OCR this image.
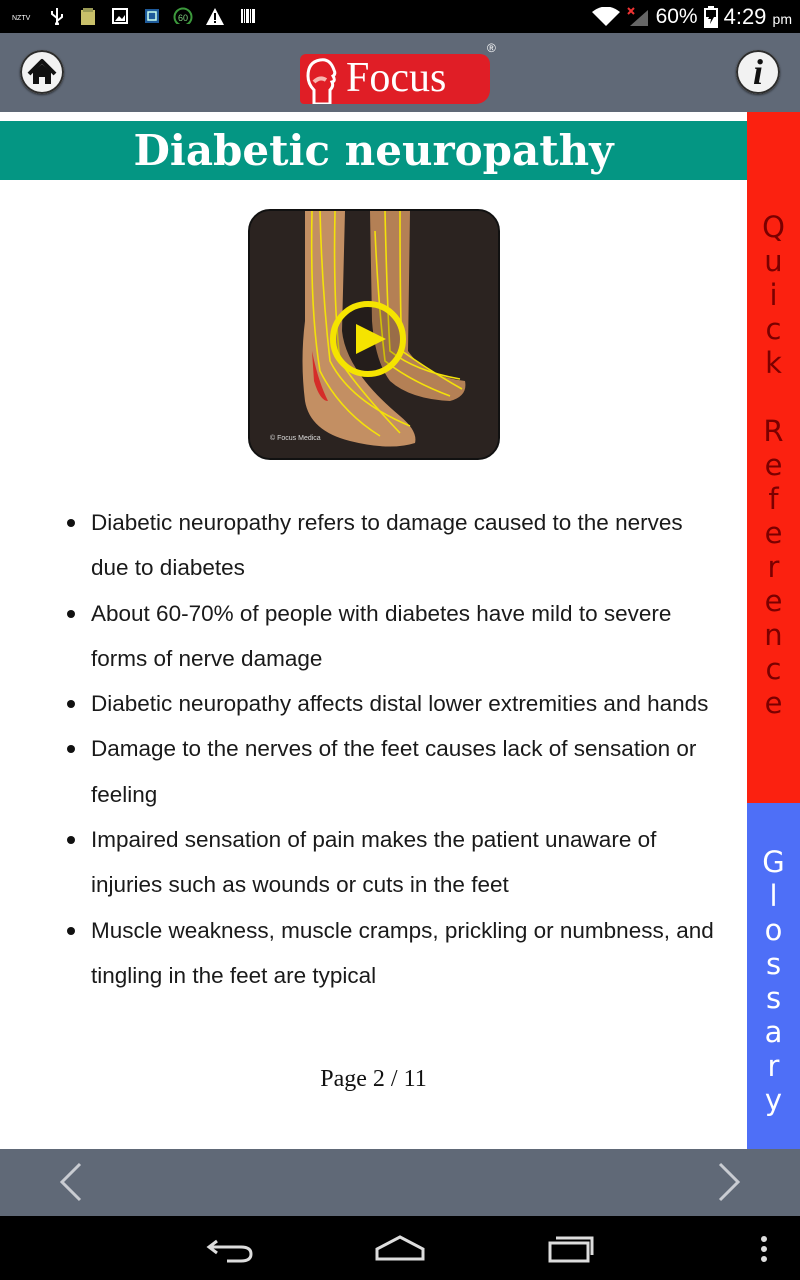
NZTV	60	60% 4:29 pm
Focus
®
i
Diabetic neuropathy
Q
u
i
c
k

R
e
f
e
r
e
n
c
e
G
l
o
s
s
a
r
y
© Focus Medica
Diabetic neuropathy refers to damage caused to the nerves due to diabetes
About 60-70% of people with diabetes have mild to severe forms of nerve damage
Diabetic neuropathy affects distal lower extremities and hands
Damage to the nerves of the feet causes lack of sensation or feeling
Impaired sensation of pain makes the patient unaware of injuries such as wounds or cuts in the feet
Muscle weakness, muscle cramps, prickling or numbness, and tingling in the feet are typical
Page 2 / 11
